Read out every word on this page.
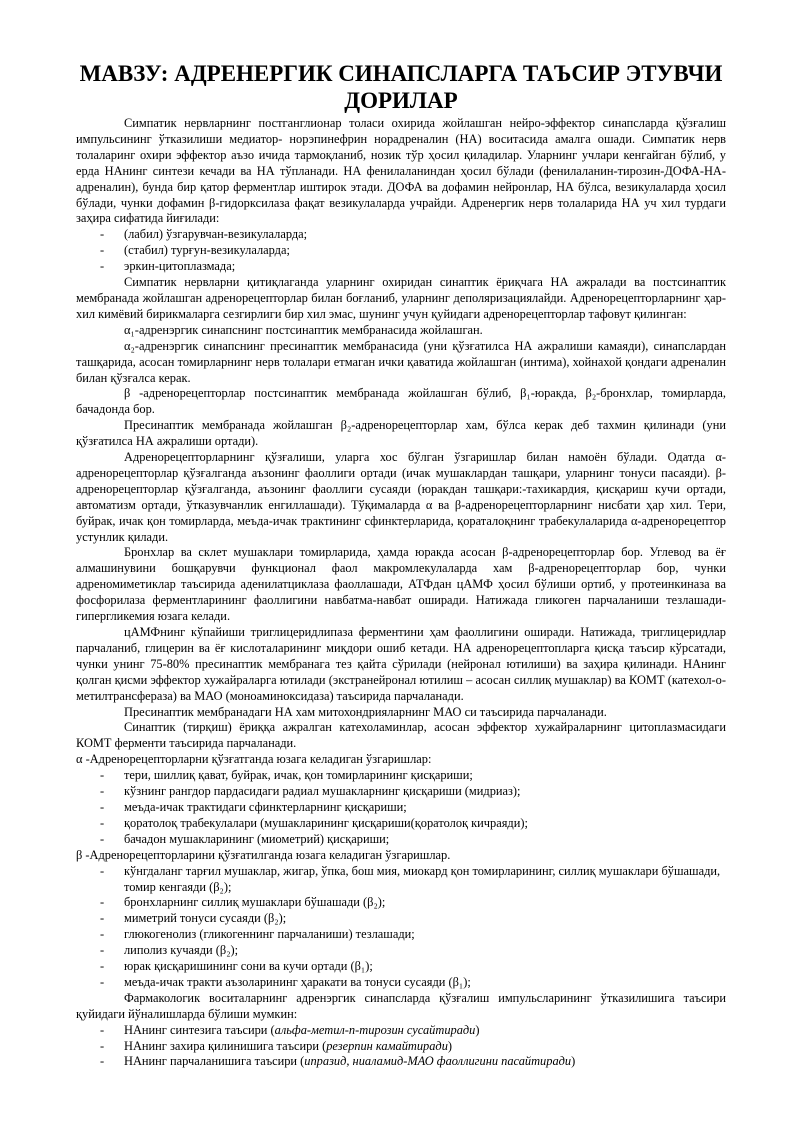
МАВЗУ: АДРЕНЕРГИК СИНАПСЛАРГА ТАЪСИР ЭТУВЧИ ДОРИЛАР

Симпатик нервларнинг постганглионар толаси охирида жойлашган нейро-эффектор синапсларда қўзғалиш импульсининг ўтказилиши медиатор- норэпинефрин норадреналин (НА) воситасида амалга ошади. Симпатик нерв толаларинг охири эффектор аъзо ичида тармоқланиб, нозик тўр ҳосил қиладилар. Уларнинг учлари кенгайган бўлиб, у ерда НАнинг синтези кечади ва НА тўпланади. НА фенилаланиндан ҳосил бўлади (фенилаланин-тирозин-ДОФА-НА-адреналин), бунда бир қатор ферментлар иштирок этади. ДОФА ва дофамин нейронлар, НА бўлса, везикулаларда ҳосил бўлади, чунки дофамин β-гидорксилаза фақат везикулаларда учрайди. Адренергик нерв толаларида НА уч хил турдаги заҳира сифатида йиғилади:

- (лабил) ўзгарувчан-везикулаларда;
- (стабил) турғун-везикулаларда;
- эркин-цитоплазмада;

Симпатик нервларни қитиқлаганда уларнинг охиридан синаптик ёриқчага НА ажралади ва постсинаптик мембранада жойлашган адренорецепторлар билан боғланиб, уларнинг деполяризациялайди. Адренорецепторларнинг ҳар-хил кимёвий бирикмаларга сезгирлиги бир хил эмас, шунинг учун қуйидаги адренорецепторлар тафовут қилинган:

α₁-адренэргик синапснинг постсинаптик мембранасида жойлашган.

α₂-адренэргик синапснинг пресинаптик мембранасида (уни қўзғатилса НА ажралиши камаяди), синапслардан ташқарида, асосан томирларнинг нерв толалари етмаган ички қаватида жойлашган (интима), хойнахой қондаги адреналин билан қўзғалса керак.

β -адренорецепторлар постсинаптик мембранада жойлашган бўлиб, β₁-юракда, β₂-бронхлар, томирларда, бачадонда бор.

Пресинаптик мембранада жойлашган β₂-адренорецепторлар хам, бўлса керак деб тахмин қилинади (уни қўзғатилса НА ажралиши ортади).

Адренорецепторларнинг қўзғалиши, уларга хос бўлган ўзгаришлар билан намоён бўлади. Одатда α-адренорецепторлар қўзғалганда аъзонинг фаоллиги ортади (ичак мушаклардан ташқари, уларнинг тонуси пасаяди). β-адренорецепторлар қўзғалганда, аъзонинг фаоллиги сусаяди (юракдан ташқари:-тахикардия, қисқариш кучи ортади, автоматизм ортади, ўтказувчанлик енгиллашади). Тўқималарда α ва β-адренорецепторларнинг нисбати ҳар хил. Тери, буйрак, ичак қон томирларда, меъда-ичак трактининг сфинктерларида, қораталоқнинг трабекулаларида α-адренорецептор устунлик қилади.

Бронхлар ва склет мушаклари томирларида, ҳамда юракда асосан β-адренорецепторлар бор. Углевод ва ёғ алмашинувини бошқарувчи функционал фаол макромлекулаларда хам β-адренорецепторлар бор, чунки адреномиметиклар таъсирида аденилатциклаза фаоллашади, АТФдан цАМФ ҳосил бўлиши ортиб, у протеинкиназа ва фосфорилаза ферментларининг фаоллигини навбатма-навбат оширади. Натижада гликоген парчаланиши тезлашади-гипергликемия юзага келади.

цАМФнинг кўпайиши триглицеридлипаза ферментини ҳам фаоллигини оширади. Натижада, триглицеридлар парчаланиб, глицерин ва ёғ кислоталарининг миқдори ошиб кетади. НА адренорецептопларга қисқа таъсир кўрсатади, чунки унинг 75-80% пресинаптик мембранага тез қайта сўрилади (нейронал ютилиши) ва заҳира қилинади. НАнинг қолган қисми эффектор хужайраларга ютилади (экстранейронал ютилиш – асосан силлиқ мушаклар) ва КОМТ (катехол-о-метилтрансфераза) ва МАО (моноаминоксидаза) таъсирида парчаланади.

Пресинаптик мембранадаги НА хам митохондрияларнинг МАО си таъсирида парчаланади.

Синаптик (тирқиш) ёриққа ажралган катехоламинлар, асосан эффектор хужайраларнинг цитоплазмасидаги КОМТ ферменти таъсирида парчаланади.

α -Адренорецепторларни қўзғатганда юзага келадиган ўзгаришлар:

- тери, шиллиқ қават, буйрак, ичак, қон томирларининг қисқариши;
- кўзнинг рангдор пардасидаги радиал мушакларнинг қисқариши (мидриаз);
- меъда-ичак трактидаги сфинктерларнинг қисқариши;
- қоратолоқ трабекулалари (мушакларининг қисқариши(қоратолоқ кичраяди);
- бачадон мушакларининг (миометрий) қисқариши;

β -Адренорецепторларини қўзғатилганда юзага келадиган ўзгаришлар.

- кўнгдаланг тарғил мушаклар, жигар, ўпка, бош мия, миокард қон томирларининг, силлиқ мушаклари бўшашади, томир кенгаяди (β₂);
- бронхларнинг силлиқ мушаклари бўшашади (β₂);
- миметрий тонуси сусаяди (β₂);
- глюкогенолиз (гликогеннинг парчаланиши) тезлашади;
- липолиз кучаяди (β₂);
- юрак қисқаришининг сони ва кучи ортади (β₁);
- меъда-ичак тракти аъзоларининг ҳаракати ва тонуси сусаяди (β₁);

Фармакологик воситаларнинг адренэргик синапсларда қўзғалиш импульсларининг ўтказилишига таъсири қуйидаги йўналишларда бўлиши мумкин:

- НАнинг синтезига таъсири (альфа-метил-п-тирозин сусайтиради)
- НАнинг захира қилинишига таъсири (резерпин камайтиради)
- НАнинг парчаланишига таъсири (ипразид, ниаламид-МАО фаоллигини пасайтиради)
